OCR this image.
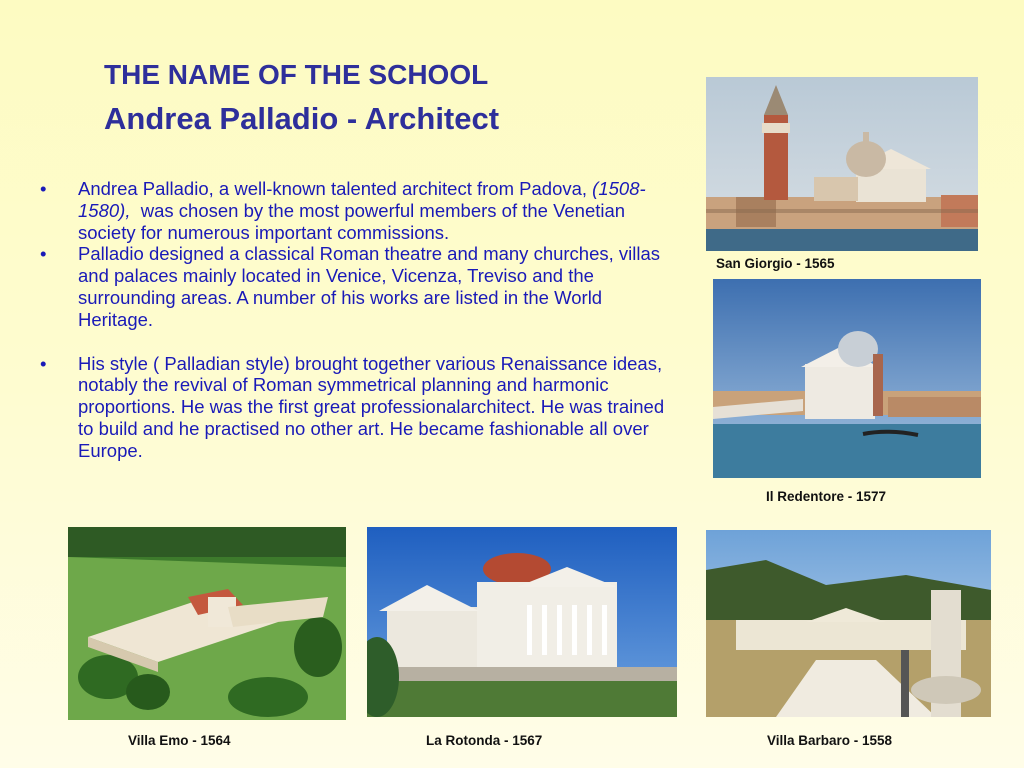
THE NAME OF THE SCHOOL
Andrea Palladio - Architect

• Andrea Palladio, a well-known talented architect from Padova, (1508-1580),  was chosen by the most powerful members of the Venetian society for numerous important commissions.

• Palladio designed a classical Roman theatre and many churches, villas and palaces mainly located in Venice, Vicenza, Treviso and the surrounding areas. A number of his works are listed in the World Heritage.

• His style ( Palladian style) brought together various Renaissance ideas, notably the revival of Roman symmetrical planning and harmonic proportions. He was the first great professionalarchitect. He was trained to build and he practised no other art. He became fashionable all over Europe.

San Giorgio - 1565
Il Redentore - 1577
Villa Emo - 1564	La Rotonda - 1567	Villa Barbaro - 1558
